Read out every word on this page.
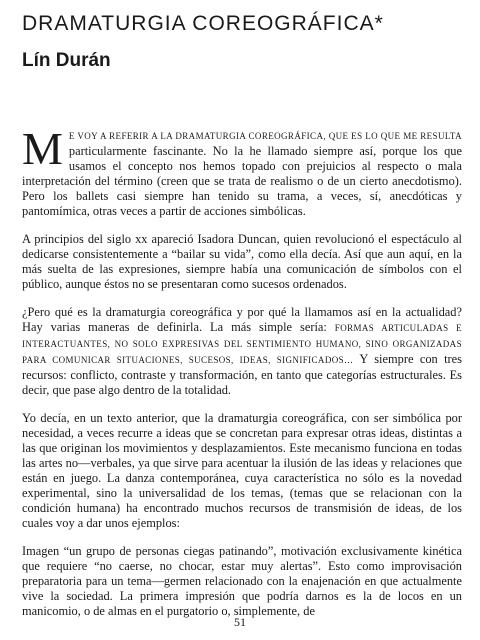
DRAMATURGIA COREOGRÁFICA*
Lín Durán

M E VOY A REFERIR A LA DRAMATURGIA COREOGRÁFICA, QUE ES LO QUE ME RESULTA particularmente fascinante. No la he llamado siempre así, porque los que usamos el concepto nos hemos topado con prejuicios al respecto o mala interpretación del término (creen que se trata de realismo o de un cierto anecdotismo). Pero los ballets casi siempre han tenido su trama, a veces, sí, anecdóticas y pantomímica, otras veces a partir de acciones simbólicas.

A principios del siglo xx apareció Isadora Duncan, quien revolucionó el espectáculo al dedicarse consistentemente a “bailar su vida”, como ella decía. Así que aun aquí, en la más suelta de las expresiones, siempre había una comunicación de símbolos con el público, aunque éstos no se presentaran como sucesos ordenados.

¿Pero qué es la dramaturgia coreográfica y por qué la llamamos así en la actualidad? Hay varias maneras de definirla. La más simple sería: FORMAS ARTICULADAS E INTERACTUANTES, NO SOLO EXPRESIVAS DEL SENTIMIENTO HUMANO, SINO ORGANIZADAS PARA COMUNICAR SITUACIONES, SUCESOS, IDEAS, SIGNIFICADOS… Y siempre con tres recursos: conflicto, contraste y transformación, en tanto que categorías estructurales. Es decir, que pase algo dentro de la totalidad.

Yo decía, en un texto anterior, que la dramaturgia coreográfica, con ser simbólica por necesidad, a veces recurre a ideas que se concretan para expresar otras ideas, distintas a las que originan los movimientos y desplazamientos. Este mecanismo funciona en todas las artes no—verbales, ya que sirve para acentuar la ilusión de las ideas y relaciones que están en juego. La danza contemporánea, cuya característica no sólo es la novedad experimental, sino la universalidad de los temas, (temas que se relacionan con la condición humana) ha encontrado muchos recursos de transmisión de ideas, de los cuales voy a dar unos ejemplos:

Imagen “un grupo de personas ciegas patinando”, motivación exclusivamente kinética que requiere “no caerse, no chocar, estar muy alertas”. Esto como improvisación preparatoria para un tema—germen relacionado con la enajenación en que actualmente vive la sociedad. La primera impresión que podría darnos es la de locos en un manicomio, o de almas en el purgatorio o, simplemente, de

51
